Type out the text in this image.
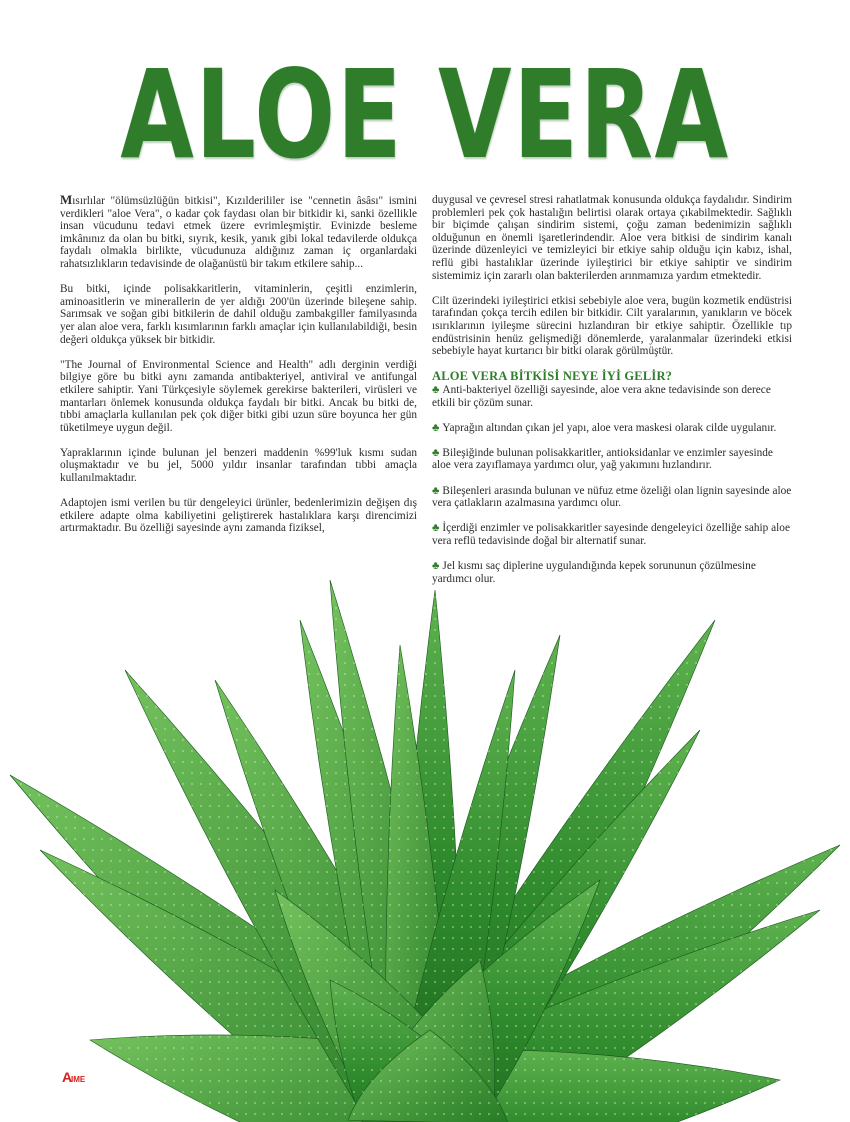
ALOE VERA

Mısırlılar "ölümsüzlüğün bitkisi", Kızılderililer ise "cennetin âsâsı" ismini verdikleri "aloe Vera", o kadar çok faydası olan bir bitkidir ki, sanki özellikle insan vücudunu tedavi etmek üzere evrimleşmiştir. Evinizde besleme imkânınız da olan bu bitki, sıyrık, kesik, yanık gibi lokal tedavilerde oldukça faydalı olmakla birlikte, vücudunuza aldığınız zaman iç organlardaki rahatsızlıkların tedavisinde de olağanüstü bir takım etkilere sahip...

Bu bitki, içinde polisakkaritlerin, vitaminlerin, çeşitli enzimlerin, aminoasitlerin ve minerallerin de yer aldığı 200'ün üzerinde bileşene sahip. Sarımsak ve soğan gibi bitkilerin de dahil olduğu zambakgiller familyasında yer alan aloe vera, farklı kısımlarının farklı amaçlar için kullanılabildiği, besin değeri oldukça yüksek bir bitkidir.

"The Journal of Environmental Science and Health" adlı derginin verdiği bilgiye göre bu bitki aynı zamanda antibakteriyel, antiviral ve antifungal etkilere sahiptir. Yani Türkçesiyle söylemek gerekirse bakterileri, virüsleri ve mantarları önlemek konusunda oldukça faydalı bir bitki. Ancak bu bitki de, tıbbi amaçlarla kullanılan pek çok diğer bitki gibi uzun süre boyunca her gün tüketilmeye uygun değil.

Yapraklarının içinde bulunan jel benzeri maddenin %99'luk kısmı sudan oluşmaktadır ve bu jel, 5000 yıldır insanlar tarafından tıbbi amaçla kullanılmaktadır.

Adaptojen ismi verilen bu tür dengeleyici ürünler, bedenlerimizin değişen dış etkilere adapte olma kabiliyetini geliştirerek hastalıklara karşı direncimizi artırmaktadır. Bu özelliği sayesinde aynı zamanda fiziksel,

duygusal ve çevresel stresi rahatlatmak konusunda oldukça faydalıdır. Sindirim problemleri pek çok hastalığın belirtisi olarak ortaya çıkabilmektedir. Sağlıklı bir biçimde çalışan sindirim sistemi, çoğu zaman bedenimizin sağlıklı olduğunun en önemli işaretlerindendir. Aloe vera bitkisi de sindirim kanalı üzerinde düzenleyici ve temizleyici bir etkiye sahip olduğu için kabız, ishal, reflü gibi hastalıklar üzerinde iyileştirici bir etkiye sahiptir ve sindirim sistemimiz için zararlı olan bakterilerden arınmamıza yardım etmektedir.

Cilt üzerindeki iyileştirici etkisi sebebiyle aloe vera, bugün kozmetik endüstrisi tarafından çokça tercih edilen bir bitkidir. Cilt yaralarının, yanıkların ve böcek ısırıklarının iyileşme sürecini hızlandıran bir etkiye sahiptir. Özellikle tıp endüstrisinin henüz gelişmediği dönemlerde, yaralanmalar üzerindeki etkisi sebebiyle hayat kurtarıcı bir bitki olarak görülmüştür.

ALOE VERA BİTKİSİ NEYE İYİ GELİR?

♣ Anti-bakteriyel özelliği sayesinde, aloe vera akne tedavisinde son derece etkili bir çözüm sunar.

♣ Yaprağın altından çıkan jel yapı, aloe vera maskesi olarak cilde uygulanır.

♣ Bileşiğinde bulunan polisakkaritler, antioksidanlar ve enzimler sayesinde aloe vera zayıflamaya yardımcı olur, yağ yakımını hızlandırır.

♣ Bileşenleri arasında bulunan ve nüfuz etme özeliği olan lignin sayesinde aloe vera çatlakların azalmasına yardımcı olur.

♣ İçerdiği enzimler ve polisakkaritler sayesinde dengeleyici özelliğe sahip aloe vera reflü tedavisinde doğal bir alternatif sunar.

♣ Jel kısmı saç diplerine uygulandığında kepek sorununun çözülmesine yardımcı olur.

A
IME 52
